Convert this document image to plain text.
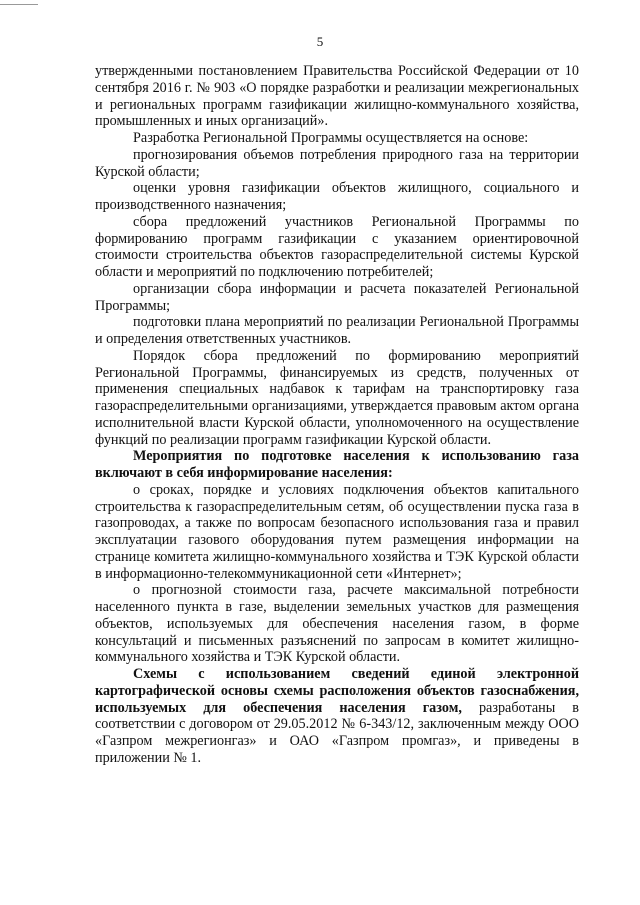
5

утвержденными постановлением Правительства Российской Федерации от 10 сентября 2016 г. № 903 «О порядке разработки и реализации межрегиональных и региональных программ газификации жилищно-коммунального хозяйства, промышленных и иных организаций».

Разработка Региональной Программы осуществляется на основе:

прогнозирования объемов потребления природного газа на территории Курской области;

оценки уровня газификации объектов жилищного, социального и производственного назначения;

сбора предложений участников Региональной Программы по формированию программ газификации с указанием ориентировочной стоимости строительства объектов газораспределительной системы Курской области и мероприятий по подключению потребителей;

организации сбора информации и расчета показателей Региональной Программы;

подготовки плана мероприятий по реализации Региональной Программы и определения ответственных участников.

Порядок сбора предложений по формированию мероприятий Региональной Программы, финансируемых из средств, полученных от применения специальных надбавок к тарифам на транспортировку газа газораспределительными организациями, утверждается правовым актом органа исполнительной власти Курской области, уполномоченного на осуществление функций по реализации программ газификации Курской области.

Мероприятия по подготовке населения к использованию газа включают в себя информирование населения:

о сроках, порядке и условиях подключения объектов капитального строительства к газораспределительным сетям, об осуществлении пуска газа в газопроводах, а также по вопросам безопасного использования газа и правил эксплуатации газового оборудования путем размещения информации на странице комитета жилищно-коммунального хозяйства и ТЭК Курской области в информационно-телекоммуникационной сети «Интернет»;

о прогнозной стоимости газа, расчете максимальной потребности населенного пункта в газе, выделении земельных участков для размещения объектов, используемых для обеспечения населения газом, в форме консультаций и письменных разъяснений по запросам в комитет жилищно-коммунального хозяйства и ТЭК Курской области.

Схемы с использованием сведений единой электронной картографической основы схемы расположения объектов газоснабжения, используемых для обеспечения населения газом, разработаны в соответствии с договором от 29.05.2012 № 6-343/12, заключенным между ООО «Газпром межрегионгаз» и ОАО «Газпром промгаз», и приведены в приложении № 1.
